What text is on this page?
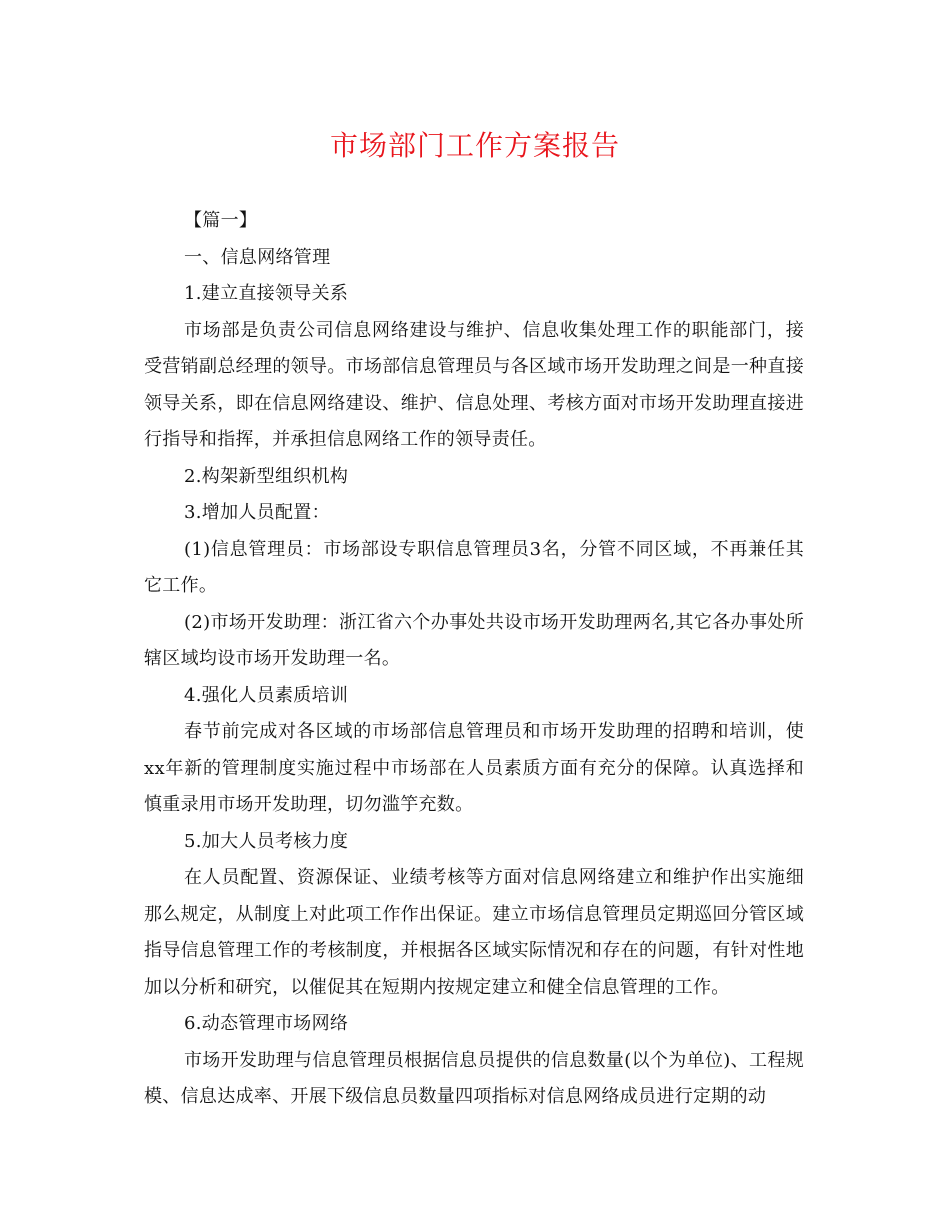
市场部门工作方案报告

【篇一】

一、信息网络管理

1.建立直接领导关系

市场部是负责公司信息网络建设与维护、信息收集处理工作的职能部门，接受营销副总经理的领导。市场部信息管理员与各区域市场开发助理之间是一种直接领导关系，即在信息网络建设、维护、信息处理、考核方面对市场开发助理直接进行指导和指挥，并承担信息网络工作的领导责任。

2.构架新型组织机构

3.增加人员配置：

(1)信息管理员：市场部设专职信息管理员3名，分管不同区域，不再兼任其它工作。

(2)市场开发助理：浙江省六个办事处共设市场开发助理两名,其它各办事处所辖区域均设市场开发助理一名。

4.强化人员素质培训

春节前完成对各区域的市场部信息管理员和市场开发助理的招聘和培训，使xx年新的管理制度实施过程中市场部在人员素质方面有充分的保障。认真选择和慎重录用市场开发助理，切勿滥竽充数。

5.加大人员考核力度

在人员配置、资源保证、业绩考核等方面对信息网络建立和维护作出实施细那么规定，从制度上对此项工作作出保证。建立市场信息管理员定期巡回分管区域指导信息管理工作的考核制度，并根据各区域实际情况和存在的问题，有针对性地加以分析和研究，以催促其在短期内按规定建立和健全信息管理的工作。

6.动态管理市场网络

市场开发助理与信息管理员根据信息员提供的信息数量(以个为单位)、工程规模、信息达成率、开展下级信息员数量四项指标对信息网络成员进行定期的动
